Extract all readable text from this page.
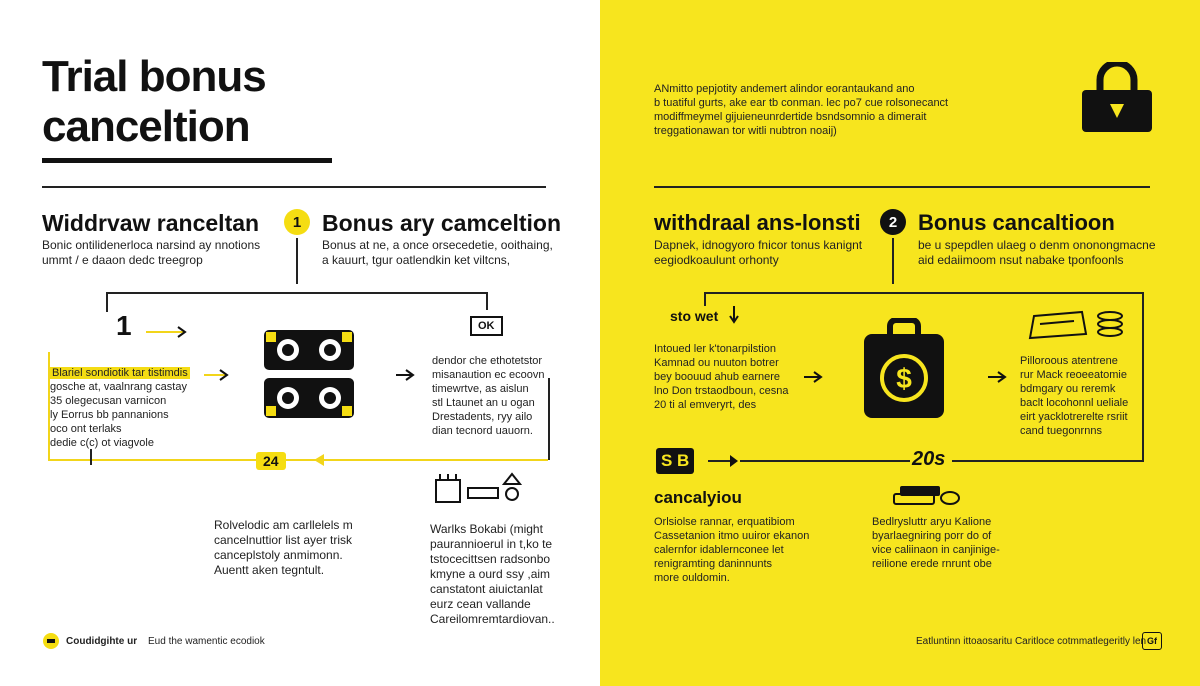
Trial bonus
canceltion
Widdrvaw ranceltan
Bonic ontilidenerloca narsind ay nnotions
ummt / e daaon dedc treegrop
1 Bonus ary camceltion
Bonus at ne, a once orsecedetie, ooithaing,
a kauurt, tgur oatlendkin ket viltcns,
1

Blariel sondiotik tar tistimdis

gosche at, vaalnrang castay
35 olegecusan varnicon
ly Eorrus bb pannanions
oco ont terlaks
dedie c(c) ot viagvole

OK
dendor che ethotetstor
misanaution ec ecoovn
timewrtve, as aislun
stl Ltaunet an u ogan
Drestadents, ryy ailo
dian tecnord uauorn.
24
Rolvelodic am carllelels m
cancelnuttior list ayer trisk
canceplstoly anmimonn.
Auentt aken tegntult.
Warlks Bokabi (might
paurannioerul in t,ko te
tstocecittsen radsonbo
kmyne a ourd ssy ,aim
canstatont aiuictanlat
eurz cean vallande
Careilomremtardiovan..
Coudidgihte ur Eud the wamentic ecodiok
ANmitto pepjotity andemert alindor eorantaukand ano
b tuatiful gurts, ake ear tb conman. lec po7 cue rolsonecanct
modiffmeymel gijuieneunrdertide bsndsomnio a dimerait
treggationawan tor witli nubtron noaij)
withdraaI ans-lonsti
Dapnek, idnogyoro fnicor tonus kanignt
eegiodkoaulunt orhonty
2 Bonus cancaltioon
be u spepdlen ulaeg o denm ononongmacne
aid edaiimoom nsut nabake tponfoonls
sto wet
Intoued ler k'tonarpilstion
Kamnad ou nuuton botrer
bey boouud ahub earnere
lno Don trstaodboun, cesna
20 ti al emveryrt, des
$
Pilloroous atentrene
rur Mack reoeeatomie
bdmgary ou reremk
baclt locohonnl ueliale
eirt yacklotrerelte rsriit
cand tuegonrnns
S B	20s
cancalyiou
Orlsiolse rannar, erquatibiom
Cassetanion itmo uuiror ekanon
calernfor idablernconee let
renigramting daninnunts
more ouldomin.
Bedlrysluttr aryu Kalione
byarlaegniring porr do of
vice caliinaon in canjinige-
reilione erede rnrunt obe
Eatluntinn ittoaosaritu Caritloce cotmmatlegeritly len Gf
